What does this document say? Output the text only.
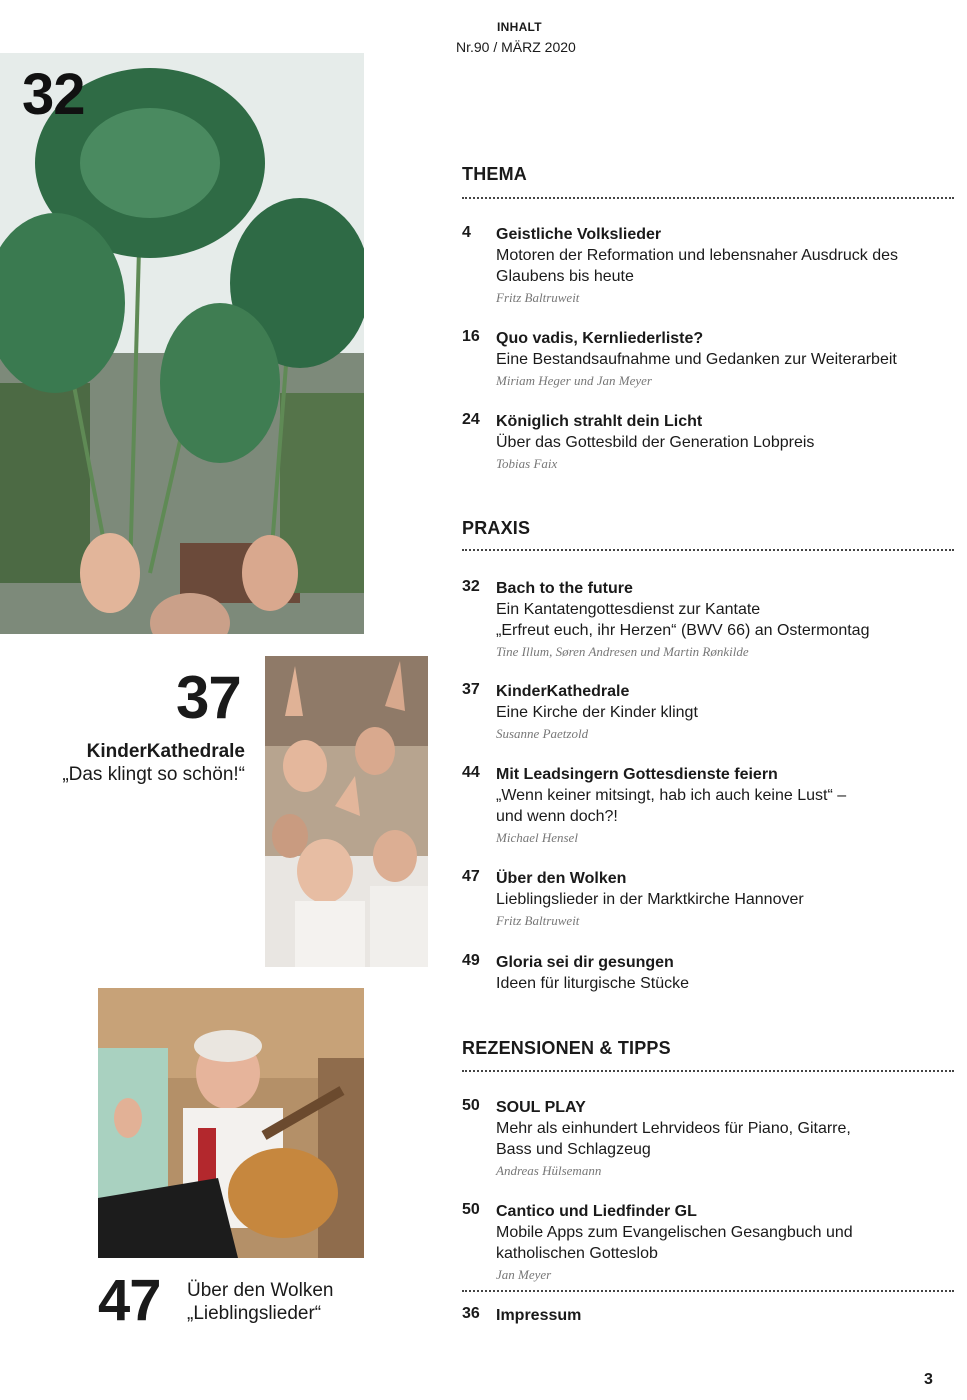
INHALT
Nr.90 / MÄRZ 2020
32
37
KinderKathedrale
„Das klingt so schön!“
47 Über den Wolken
„Lieblingslieder“
THEMA
4 Geistliche Volkslieder
Motoren der Reformation und lebensnaher Ausdruck des
Glaubens bis heute
Fritz Baltruweit
16 Quo vadis, Kernliederliste?
Eine Bestandsaufnahme und Gedanken zur Weiterarbeit
Miriam Heger und Jan Meyer
24 Königlich strahlt dein Licht
Über das Gottesbild der Generation Lobpreis
Tobias Faix
PRAXIS
32 Bach to the future
Ein Kantatengottesdienst zur Kantate
„Erfreut euch, ihr Herzen“ (BWV 66) an Ostermontag
Tine Illum, Søren Andresen und Martin Rønkilde
37 KinderKathedrale
Eine Kirche der Kinder klingt
Susanne Paetzold
44 Mit Leadsingern Gottesdienste feiern
„Wenn keiner mitsingt, hab ich auch keine Lust“ –
und wenn doch?!
Michael Hensel
47 Über den Wolken
Lieblingslieder in der Marktkirche Hannover
Fritz Baltruweit
49 Gloria sei dir gesungen
Ideen für liturgische Stücke
REZENSIONEN & TIPPS
50 SOUL PLAY
Mehr als einhundert Lehrvideos für Piano, Gitarre,
Bass und Schlagzeug
Andreas Hülsemann
50 Cantico und Liedfinder GL
Mobile Apps zum Evangelischen Gesangbuch und
katholischen Gotteslob
Jan Meyer
36 Impressum
3
